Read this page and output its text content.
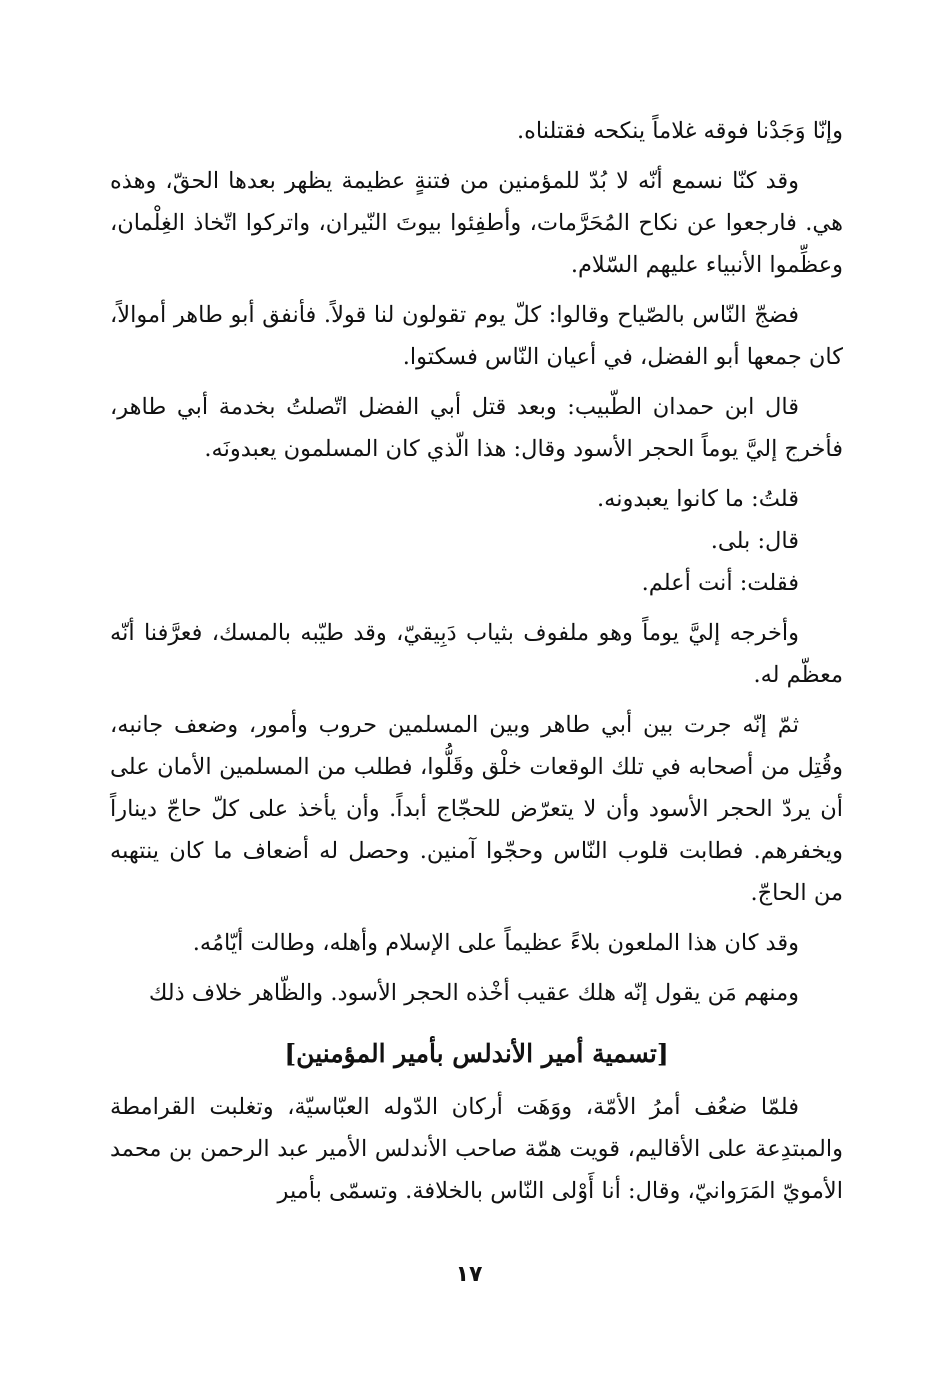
وإنّا وَجَدْنا فوقه غلاماً ينكحه فقتلناه.

وقد كنّا نسمع أنّه لا بُدّ للمؤمنين من فتنةٍ عظيمة يظهر بعدها الحقّ، وهذه هي. فارجعوا عن نكاح المُحَرَّمات، وأطفِئوا بيوتَ النّيران، واتركوا اتّخاذ الغِلْمان، وعظِّموا الأنبياء عليهم السّلام.

فضجّ النّاس بالصّياح وقالوا: كلّ يوم تقولون لنا قولاً. فأنفق أبو طاهر أموالاً، كان جمعها أبو الفضل، في أعيان النّاس فسكتوا.

قال ابن حمدان الطّبيب: وبعد قتل أبي الفضل اتّصلتُ بخدمة أبي طاهر، فأخرج إليَّ يوماً الحجر الأسود وقال: هذا الّذي كان المسلمون يعبدونَه.

قلتُ: ما كانوا يعبدونه.

قال: بلى.

فقلت: أنت أعلم.

وأخرجه إليَّ يوماً وهو ملفوف بثياب دَبِيقيّ، وقد طيّبه بالمسك، فعرَّفنا أنّه معظّم له.

ثمّ إنّه جرت بين أبي طاهر وبين المسلمين حروب وأمور، وضعف جانبه، وقُتِل من أصحابه في تلك الوقعات خلْق وقَلُّوا، فطلب من المسلمين الأمان على أن يردّ الحجر الأسود وأن لا يتعرّض للحجّاج أبداً. وأن يأخذ على كلّ حاجّ ديناراً ويخفرهم. فطابت قلوب النّاس وحجّوا آمنين. وحصل له أضعاف ما كان ينتهبه من الحاجّ.

وقد كان هذا الملعون بلاءً عظيماً على الإسلام وأهله، وطالت أيّامُه.

ومنهم مَن يقول إنّه هلك عقيب أخْذه الحجر الأسود. والظّاهر خلاف ذلك

[تسمية أمير الأندلس بأمير المؤمنين]

فلمّا ضعُف أمرُ الأمّة، ووَهَت أركان الدّوله العبّاسيّة، وتغلبت القرامطة والمبتدِعة على الأقاليم، قويت همّة صاحب الأندلس الأمير عبد الرحمن بن محمد الأمويّ المَرَوانيّ، وقال: أنا أَوْلى النّاس بالخلافة. وتسمّى بأمير

١٧
